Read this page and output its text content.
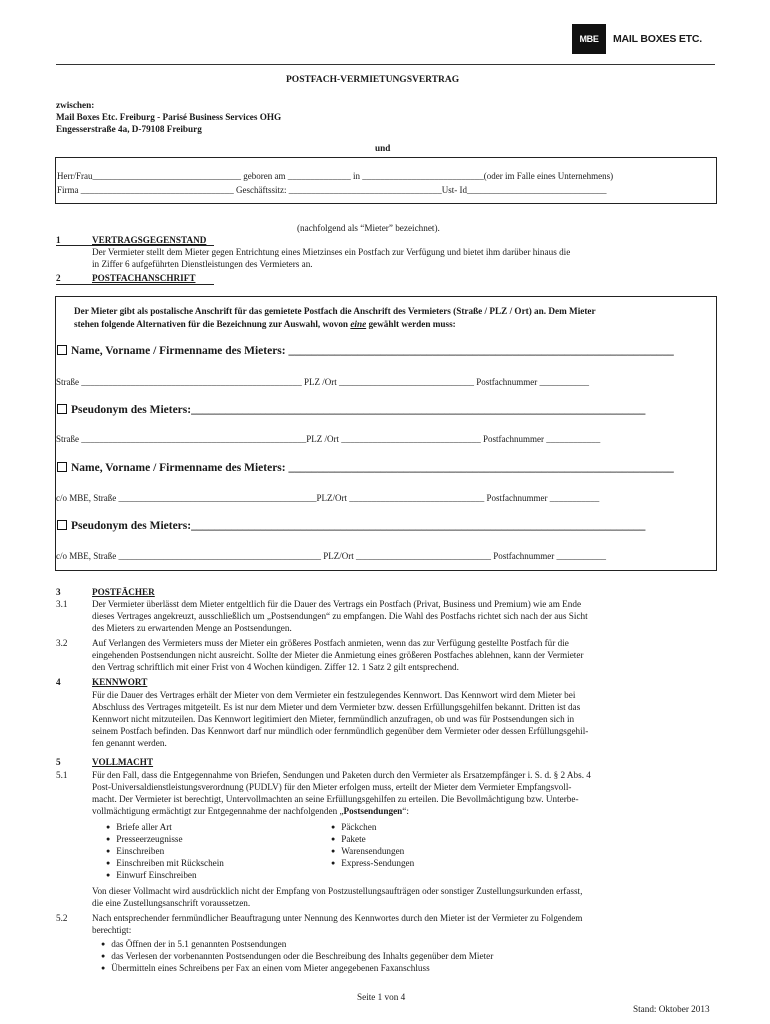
MBE	MAIL BOXES ETC.
POSTFACH-VERMIETUNGSVERTRAG
zwischen:
Mail Boxes Etc. Freiburg - Parisé Business Services OHG
Engesserstraße 4a, D-79108 Freiburg
und
Herr/Frau_________________________________ geboren am ______________ in ___________________________(oder im Falle eines Unternehmens)
Firma __________________________________ Geschäftssitz: __________________________________Ust- Id_______________________________
(nachfolgend als “Mieter” bezeichnet).
1	VERTRAGSGEGENSTAND
Der Vermieter stellt dem Mieter gegen Entrichtung eines Mietzinses ein Postfach zur Verfügung und bietet ihm darüber hinaus die
in Ziffer 6 aufgeführten Dienstleistungen des Vermieters an.
2	POSTFACHANSCHRIFT
Der Mieter gibt als postalische Anschrift für das gemietete Postfach die Anschrift des Vermieters (Straße / PLZ / Ort) an. Dem Mieter
stehen folgende Alternativen für die Bezeichnung zur Auswahl, wovon eine gewählt werden muss:
Name, Vorname / Firmenname des Mieters: ___________________________________________________________________
Straße _________________________________________________ PLZ /Ort ______________________________ Postfachnummer ___________
Pseudonym des Mieters:_______________________________________________________________________________
Straße __________________________________________________PLZ /Ort _______________________________ Postfachnummer ____________
Name, Vorname / Firmenname des Mieters: ___________________________________________________________________
c/o MBE, Straße ____________________________________________PLZ/Ort ______________________________ Postfachnummer ___________
Pseudonym des Mieters:_______________________________________________________________________________
c/o MBE, Straße _____________________________________________ PLZ/Ort ______________________________ Postfachnummer ___________
3	POSTFÄCHER
3.1	Der Vermieter überlässt dem Mieter entgeltlich für die Dauer des Vertrags ein Postfach (Privat, Business und Premium) wie am Ende
dieses Vertrages angekreuzt, ausschließlich um „Postsendungen“ zu empfangen. Die Wahl des Postfachs richtet sich nach der aus Sicht
des Mieters zu erwartenden Menge an Postsendungen.
3.2	Auf Verlangen des Vermieters muss der Mieter ein größeres Postfach anmieten, wenn das zur Verfügung gestellte Postfach für die
eingehenden Postsendungen nicht ausreicht. Sollte der Mieter die Anmietung eines größeren Postfaches ablehnen, kann der Vermieter
den Vertrag schriftlich mit einer Frist von 4 Wochen kündigen. Ziffer 12. 1 Satz 2 gilt entsprechend.
4	KENNWORT
Für die Dauer des Vertrages erhält der Mieter von dem Vermieter ein festzulegendes Kennwort. Das Kennwort wird dem Mieter bei
Abschluss des Vertrages mitgeteilt. Es ist nur dem Mieter und dem Vermieter bzw. dessen Erfüllungsgehilfen bekannt. Dritten ist das
Kennwort nicht mitzuteilen. Das Kennwort legitimiert den Mieter, fernmündlich anzufragen, ob und was für Postsendungen sich in
seinem Postfach befinden. Das Kennwort darf nur mündlich oder fernmündlich gegenüber dem Vermieter oder dessen Erfüllungsgehil-
fen genannt werden.
5	VOLLMACHT
5.1	Für den Fall, dass die Entgegennahme von Briefen, Sendungen und Paketen durch den Vermieter als Ersatzempfänger i. S. d. § 2 Abs. 4
Post-Universaldienstleistungsverordnung (PUDLV) für den Mieter erfolgen muss, erteilt der Mieter dem Vermieter Empfangsvoll-
macht. Der Vermieter ist berechtigt, Untervollmachten an seine Erfüllungsgehilfen zu erteilen. Die Bevollmächtigung bzw. Unterbe-
vollmächtigung ermächtigt zur Entgegennahme der nachfolgenden „Postsendungen“:
● Briefe aller Art
● Presseerzeugnisse
● Einschreiben
● Einschreiben mit Rückschein
● Einwurf Einschreiben
● Päckchen
● Pakete
● Warensendungen
● Express-Sendungen
Von dieser Vollmacht wird ausdrücklich nicht der Empfang von Postzustellungsaufträgen oder sonstiger Zustellungsurkunden erfasst,
die eine Zustellungsanschrift voraussetzen.
5.2	Nach entsprechender fernmündlicher Beauftragung unter Nennung des Kennwortes durch den Mieter ist der Vermieter zu Folgendem
berechtigt:
● das Öffnen der in 5.1 genannten Postsendungen
● das Verlesen der vorbenannten Postsendungen oder die Beschreibung des Inhalts gegenüber dem Mieter
● Übermitteln eines Schreibens per Fax an einen vom Mieter angegebenen Faxanschluss
Seite 1 von 4
Stand: Oktober 2013
